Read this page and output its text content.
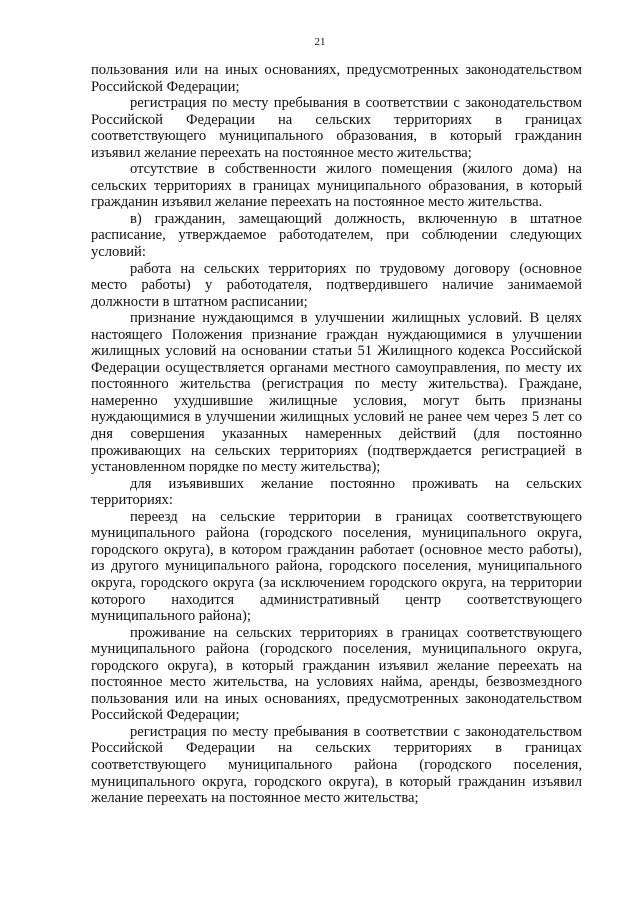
21

пользования или на иных основаниях, предусмотренных законодательством Российской Федерации;

регистрация по месту пребывания в соответствии с законодательством Российской Федерации на сельских территориях в границах соответствующего муниципального образования, в который гражданин изъявил желание переехать на постоянное место жительства;

отсутствие в собственности жилого помещения (жилого дома) на сельских территориях в границах муниципального образования, в который гражданин изъявил желание переехать на постоянное место жительства.

в) гражданин, замещающий должность, включенную в штатное расписание, утверждаемое работодателем, при соблюдении следующих условий:

работа на сельских территориях по трудовому договору (основное место работы) у работодателя, подтвердившего наличие занимаемой должности в штатном расписании;

признание нуждающимся в улучшении жилищных условий. В целях настоящего Положения признание граждан нуждающимися в улучшении жилищных условий на основании статьи 51 Жилищного кодекса Российской Федерации осуществляется органами местного самоуправления, по месту их постоянного жительства (регистрация по месту жительства). Граждане, намеренно ухудшившие жилищные условия, могут быть признаны нуждающимися в улучшении жилищных условий не ранее чем через 5 лет со дня совершения указанных намеренных действий (для постоянно проживающих на сельских территориях (подтверждается регистрацией в установленном порядке по месту жительства);

для изъявивших желание постоянно проживать на сельских территориях:

переезд на сельские территории в границах соответствующего муниципального района (городского поселения, муниципального округа, городского округа), в котором гражданин работает (основное место работы), из другого муниципального района, городского поселения, муниципального округа, городского округа (за исключением городского округа, на территории которого находится административный центр соответствующего муниципального района);

проживание на сельских территориях в границах соответствующего муниципального района (городского поселения, муниципального округа, городского округа), в который гражданин изъявил желание переехать на постоянное место жительства, на условиях найма, аренды, безвозмездного пользования или на иных основаниях, предусмотренных законодательством Российской Федерации;

регистрация по месту пребывания в соответствии с законодательством Российской Федерации на сельских территориях в границах соответствующего муниципального района (городского поселения, муниципального округа, городского округа), в который гражданин изъявил желание переехать на постоянное место жительства;
